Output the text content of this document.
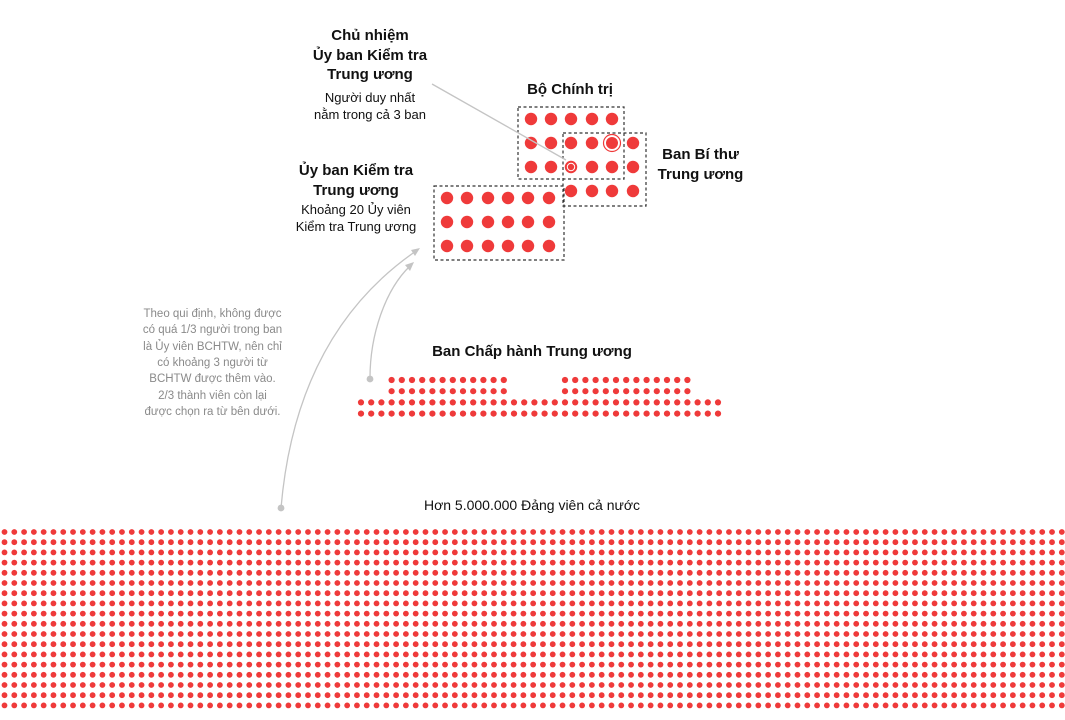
Chủ nhiệm
Ủy ban Kiểm tra
Trung ương
Người duy nhất
nằm trong cả 3 ban
Bộ Chính trị
Ban Bí thư
Trung ương
Ủy ban Kiểm tra
Trung ương
Khoảng 20 Ủy viên
Kiểm tra Trung ương
Ban Chấp hành Trung ương
Theo qui định, không được
có quá 1/3 người trong ban
là Ủy viên BCHTW, nên chỉ
có khoảng 3 người từ
BCHTW được thêm vào.
2/3 thành viên còn lại
được chọn ra từ bên dưới.
Hơn 5.000.000 Đảng viên cả nước
